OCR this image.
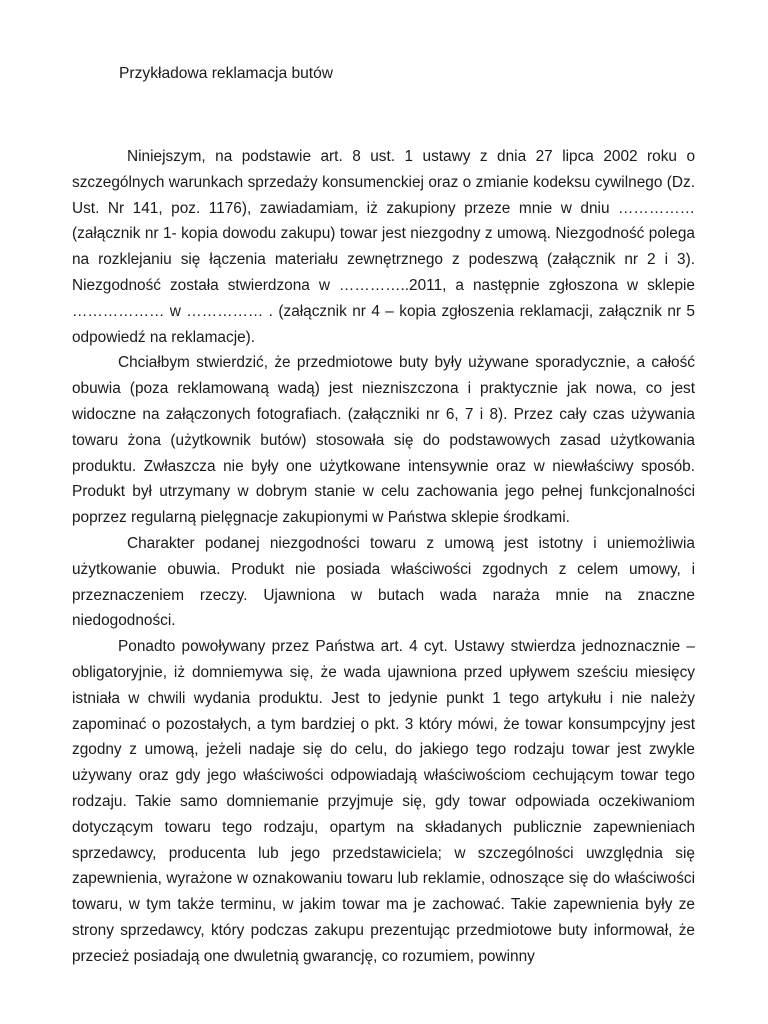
Przykładowa reklamacja butów

Niniejszym, na podstawie art. 8 ust. 1 ustawy z dnia 27 lipca 2002 roku o szczególnych warunkach sprzedaży konsumenckiej oraz o zmianie kodeksu cywilnego (Dz. Ust. Nr 141, poz. 1176), zawiadamiam, iż zakupiony przeze mnie w dniu …………… (załącznik nr 1- kopia dowodu zakupu) towar jest niezgodny z umową. Niezgodność polega na rozklejaniu się łączenia materiału zewnętrznego z podeszwą (załącznik nr 2 i 3). Niezgodność została stwierdzona w …………..2011, a następnie zgłoszona w sklepie ……………… w …………… . (załącznik nr 4 – kopia zgłoszenia reklamacji, załącznik nr 5 odpowiedź na reklamacje).

Chciałbym stwierdzić, że przedmiotowe buty były używane sporadycznie, a całość obuwia (poza reklamowaną wadą) jest niezniszczona i praktycznie jak nowa, co jest widoczne na załączonych fotografiach. (załączniki nr 6, 7 i 8). Przez cały czas używania towaru żona (użytkownik butów) stosowała się do podstawowych zasad użytkowania produktu. Zwłaszcza nie były one użytkowane intensywnie oraz w niewłaściwy sposób. Produkt był utrzymany w dobrym stanie w celu zachowania jego pełnej funkcjonalności poprzez regularną pielęgnacje zakupionymi w Państwa sklepie środkami.

Charakter podanej niezgodności towaru z umową jest istotny i uniemożliwia użytkowanie obuwia. Produkt nie posiada właściwości zgodnych z celem umowy, i przeznaczeniem rzeczy. Ujawniona w butach wada naraża mnie na znaczne niedogodności.

Ponadto powoływany przez Państwa art. 4 cyt. Ustawy stwierdza jednoznacznie – obligatoryjnie, iż domniemywa się, że wada ujawniona przed upływem sześciu miesięcy istniała w chwili wydania produktu. Jest to jedynie punkt 1 tego artykułu i nie należy zapominać o pozostałych, a tym bardziej o pkt. 3 który mówi, że towar konsumpcyjny jest zgodny z umową, jeżeli nadaje się do celu, do jakiego tego rodzaju towar jest zwykle używany oraz gdy jego właściwości odpowiadają właściwościom cechującym towar tego rodzaju. Takie samo domniemanie przyjmuje się, gdy towar odpowiada oczekiwaniom dotyczącym towaru tego rodzaju, opartym na składanych publicznie zapewnieniach sprzedawcy, producenta lub jego przedstawiciela; w szczególności uwzględnia się zapewnienia, wyrażone w oznakowaniu towaru lub reklamie, odnoszące się do właściwości towaru, w tym także terminu, w jakim towar ma je zachować. Takie zapewnienia były ze strony sprzedawcy, który podczas zakupu prezentując przedmiotowe buty informował, że przecież posiadają one dwuletnią gwarancję, co rozumiem, powinny
